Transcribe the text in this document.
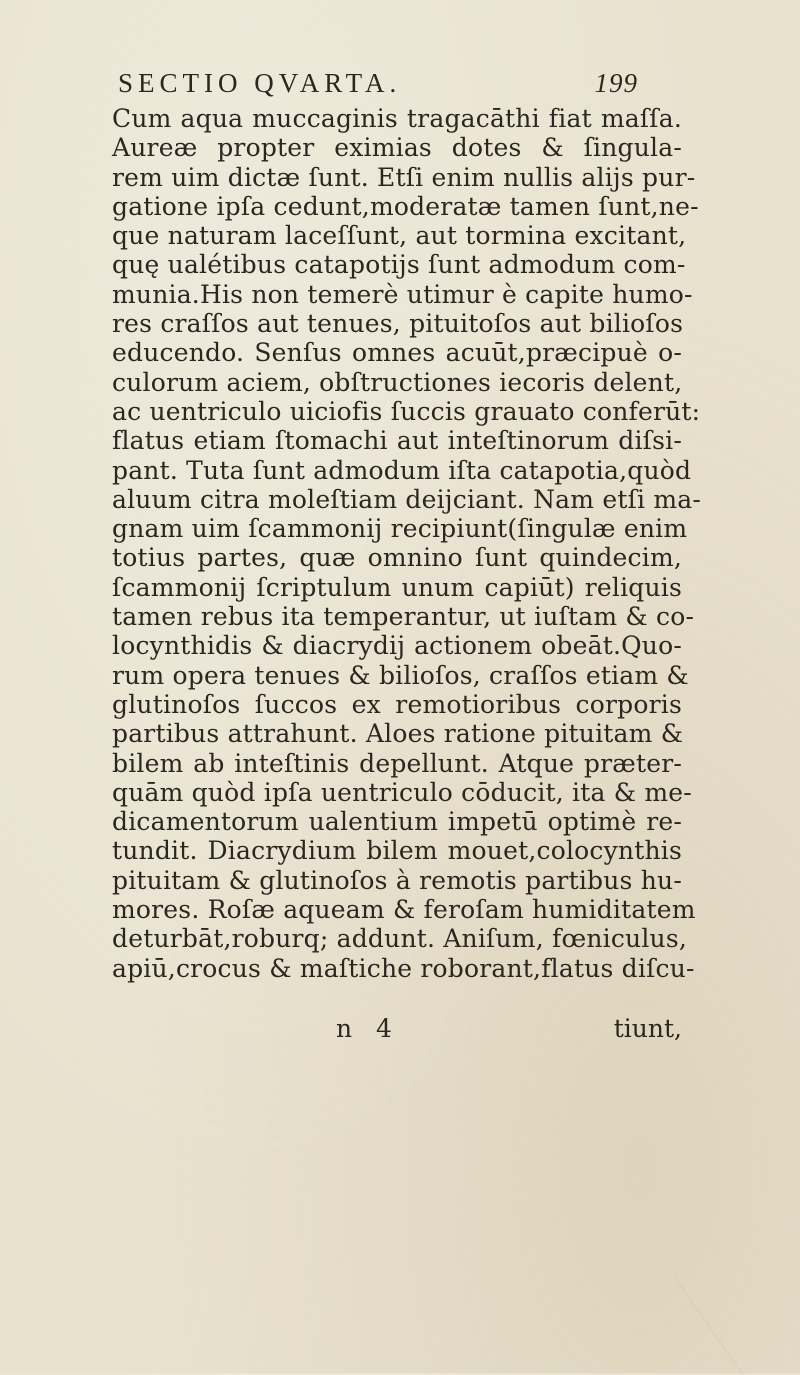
SECTIO QVARTA.	199
Cum aqua muccaginis tragacāthi fiat maſſa.
Aureæ propter eximias dotes & ſingula-
rem uim dictæ ſunt. Etſi enim nullis alijs pur-
gatione ipſa cedunt,moderatæ tamen ſunt,ne-
que naturam laceſſunt, aut tormina excitant,
quę ualétibus catapotijs ſunt admodum com-
munia.His non temerè utimur è capite humo-
res craſſos aut tenues, pituitoſos aut bilioſos
educendo. Senſus omnes acuūt,præcipuè o-
culorum aciem, obſtructiones iecoris delent,
ac uentriculo uiciofis ſuccis grauato conferūt:
flatus etiam ſtomachi aut inteſtinorum diſsi-
pant. Tuta ſunt admodum iſta catapotia,quòd
aluum citra moleſtiam deijciant. Nam etſi ma-
gnam uim ſcammonij recipiunt(ſingulæ enim
totius partes, quæ omnino ſunt quindecim,
ſcammonij ſcriptulum unum capiūt) reliquis
tamen rebus ita temperantur, ut iuſtam & co-
locynthidis & diacrydij actionem obeāt.Quo-
rum opera tenues & bilioſos, craſſos etiam &
glutinoſos ſuccos ex remotioribus corporis
partibus attrahunt. Aloes ratione pituitam &
bilem ab inteſtinis depellunt. Atque præter-
quām quòd ipſa uentriculo cōducit, ita & me-
dicamentorum ualentium impetū optimè re-
tundit. Diacrydium bilem mouet,colocynthis
pituitam & glutinoſos à remotis partibus hu-
mores. Roſæ aqueam & feroſam humiditatem
deturbāt,roburq; addunt. Aniſum, fœniculus,
apiū,crocus & maſtiche roborant,flatus diſcu-
n 4	tiunt,
